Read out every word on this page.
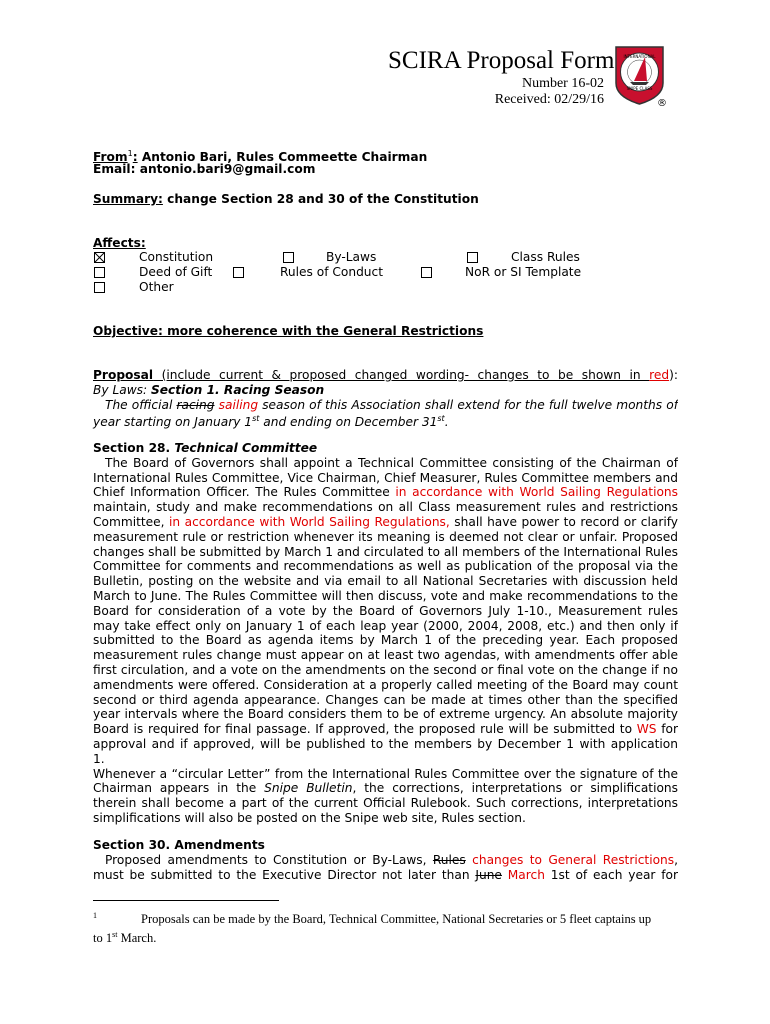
SCIRA Proposal Form
Number 16-02
Received: 02/29/16
INTERNATIONAL
SNIPE CLASS
®
From$^1$: Antonio Bari, Rules Commeette Chairman
Email: antonio.bari9@gmail.com
Summary: change Section 28 and 30 of the Constitution
Affects:
Constitution	By-Laws	Class Rules
Deed of Gift	Rules of Conduct	NoR or SI Template
Other
Objective: more coherence with the General Restrictions
Proposal (include current & proposed changed wording- changes to be shown in red):
By Laws: Section 1. Racing Season
The official racing sailing season of this Association shall extend for the full twelve months of
year starting on January 1st and ending on December 31st.
Section 28. Technical Committee
The Board of Governors shall appoint a Technical Committee consisting of the Chairman of
International Rules Committee, Vice Chairman, Chief Measurer, Rules Committee members and
Chief Information Officer. The Rules Committee in accordance with World Sailing Regulations
maintain, study and make recommendations on all Class measurement rules and restrictions
Committee, in accordance with World Sailing Regulations, shall have power to record or clarify
measurement rule or restriction whenever its meaning is deemed not clear or unfair. Proposed
changes shall be submitted by March 1 and circulated to all members of the International Rules
Committee for comments and recommendations as well as publication of the proposal via the
Bulletin, posting on the website and via email to all National Secretaries with discussion held
March to June. The Rules Committee will then discuss, vote and make recommendations to the
Board for consideration of a vote by the Board of Governors July 1-10., Measurement rules
may take effect only on January 1 of each leap year (2000, 2004, 2008, etc.) and then only if
submitted to the Board as agenda items by March 1 of the preceding year. Each proposed
measurement rules change must appear on at least two agendas, with amendments offer able
first circulation, and a vote on the amendments on the second or final vote on the change if no
amendments were offered. Consideration at a properly called meeting of the Board may count
second or third agenda appearance. Changes can be made at times other than the specified
year intervals where the Board considers them to be of extreme urgency. An absolute majority
Board is required for final passage. If approved, the proposed rule will be submitted to WS for
approval and if approved, will be published to the members by December 1 with application
1.
Whenever a “circular Letter” from the International Rules Committee over the signature of the
Chairman appears in the Snipe Bulletin, the corrections, interpretations or simplifications
therein shall become a part of the current Official Rulebook. Such corrections, interpretations
simplifications will also be posted on the Snipe web site, Rules section.
Section 30. Amendments
Proposed amendments to Constitution or By-Laws, Rules changes to General Restrictions,
must be submitted to the Executive Director not later than June March 1st of each year for
$^1$	Proposals can be made by the Board, Technical Committee, National Secretaries or 5 fleet captains up
to 1st March.
